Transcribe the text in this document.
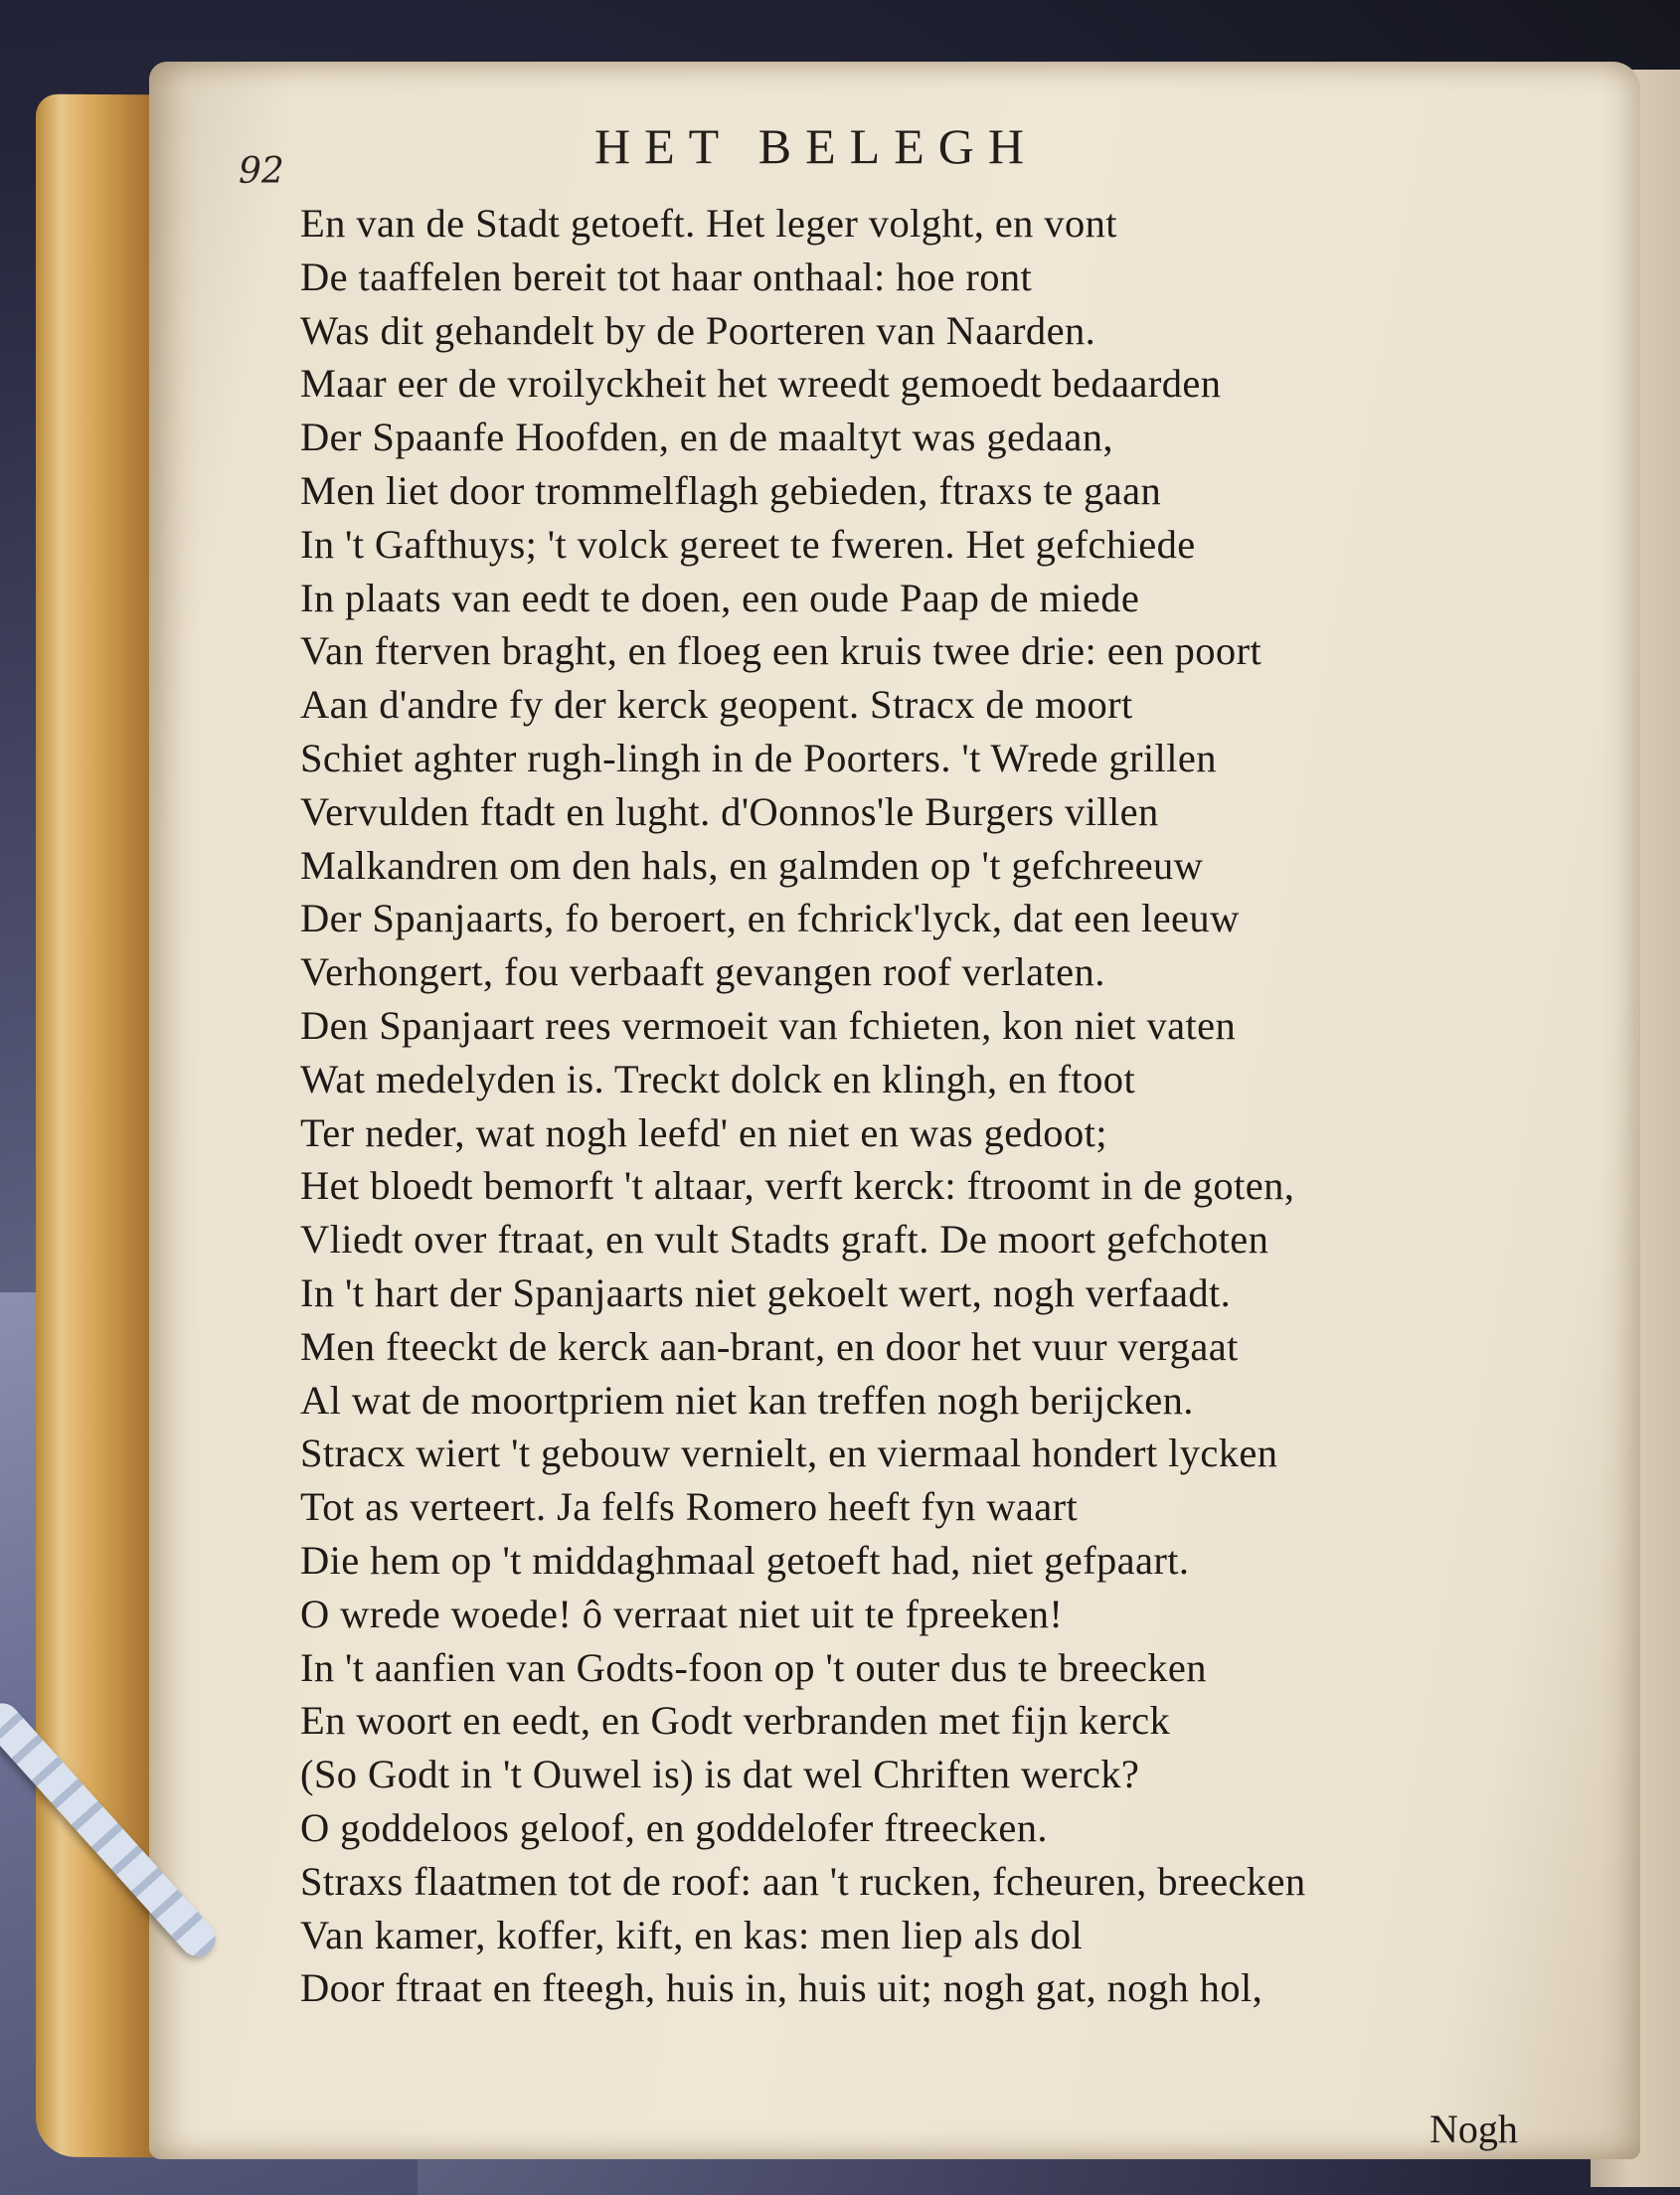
92	HET BELEGH
En van de Stadt getoeft. Het leger volght, en vont
De taaffelen bereit tot haar onthaal: hoe ront
Was dit gehandelt by de Poorteren van Naarden.
Maar eer de vroilyckheit het wreedt gemoedt bedaarden
Der Spaanfe Hoofden, en de maaltyt was gedaan,
Men liet door trommelflagh gebieden, ftraxs te gaan
In 't Gafthuys; 't volck gereet te fweren. Het gefchiede
In plaats van eedt te doen, een oude Paap de miede
Van fterven braght, en floeg een kruis twee drie: een poort
Aan d'andre fy der kerck geopent. Stracx de moort
Schiet aghter rugh-lingh in de Poorters. 't Wrede grillen
Vervulden ftadt en lught. d'Oonnos'le Burgers villen
Malkandren om den hals, en galmden op 't gefchreeuw
Der Spanjaarts, fo beroert, en fchrick'lyck, dat een leeuw
Verhongert, fou verbaaft gevangen roof verlaten.
Den Spanjaart rees vermoeit van fchieten, kon niet vaten
Wat medelyden is. Treckt dolck en klingh, en ftoot
Ter neder, wat nogh leefd' en niet en was gedoot;
Het bloedt bemorft 't altaar, verft kerck: ftroomt in de goten,
Vliedt over ftraat, en vult Stadts graft. De moort gefchoten
In 't hart der Spanjaarts niet gekoelt wert, nogh verfaadt.
Men fteeckt de kerck aan-brant, en door het vuur vergaat
Al wat de moortpriem niet kan treffen nogh berijcken.
Stracx wiert 't gebouw vernielt, en viermaal hondert lycken
Tot as verteert. Ja felfs Romero heeft fyn waart
Die hem op 't middaghmaal getoeft had, niet gefpaart.
O wrede woede! ô verraat niet uit te fpreeken!
In 't aanfien van Godts-foon op 't outer dus te breecken
En woort en eedt, en Godt verbranden met fijn kerck
(So Godt in 't Ouwel is) is dat wel Chriften werck?
O goddeloos geloof, en goddelofer ftreecken.
Straxs flaatmen tot de roof: aan 't rucken, fcheuren, breecken
Van kamer, koffer, kift, en kas: men liep als dol
Door ftraat en fteegh, huis in, huis uit; nogh gat, nogh hol,
Nogh
